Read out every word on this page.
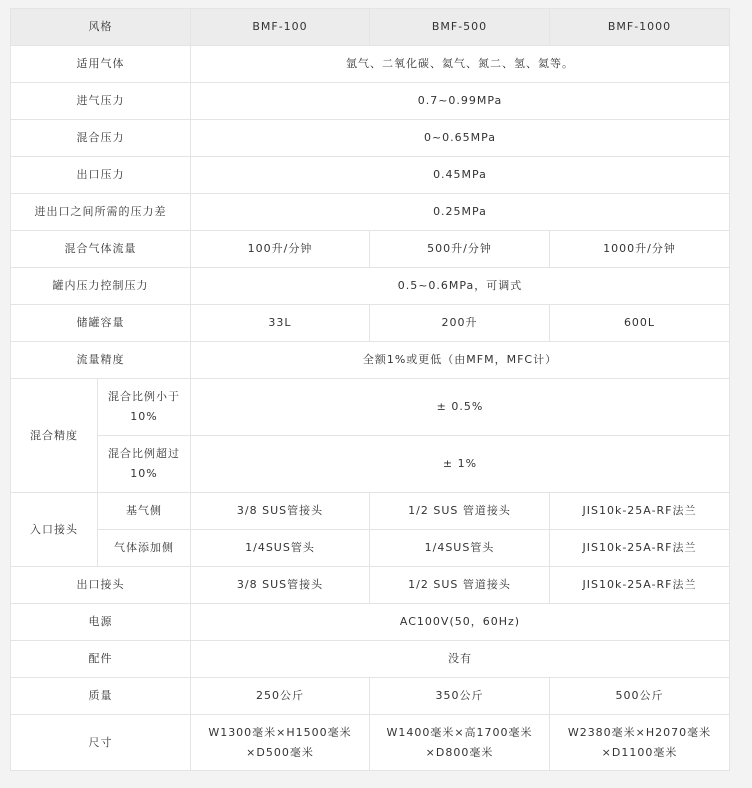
风格		BMF-100	BMF-500	BMF-1000
适用气体		氩气、二氧化碳、氦气、氮二、氢、氦等。		
进气压力		0.7~0.99MPa		
混合压力		0~0.65MPa		
出口压力		0.45MPa		
进出口之间所需的压力差		0.25MPa		
混合气体流量		100升/分钟	500升/分钟	1000升/分钟
罐内压力控制压力		0.5~0.6MPa，可调式		
储罐容量		33L	200升	600L
流量精度		全额1%或更低（由MFM，MFC计）		
混合精度	混合比例小于10%	± 0.5%		
	混合比例超过10%	± 1%		
入口接头	基气侧	3/8 SUS管接头	1/2 SUS 管道接头	JIS10k-25A-RF法兰
	气体添加侧	1/4SUS管头	1/4SUS管头	JIS10k-25A-RF法兰
出口接头		3/8 SUS管接头	1/2 SUS 管道接头	JIS10k-25A-RF法兰
电源		AC100V(50，60Hz)		
配件		没有		
质量		250公斤	350公斤	500公斤
尺寸		W1300毫米×H1500毫米×D500毫米	W1400毫米×高1700毫米×D800毫米	W2380毫米×H2070毫米×D1100毫米
